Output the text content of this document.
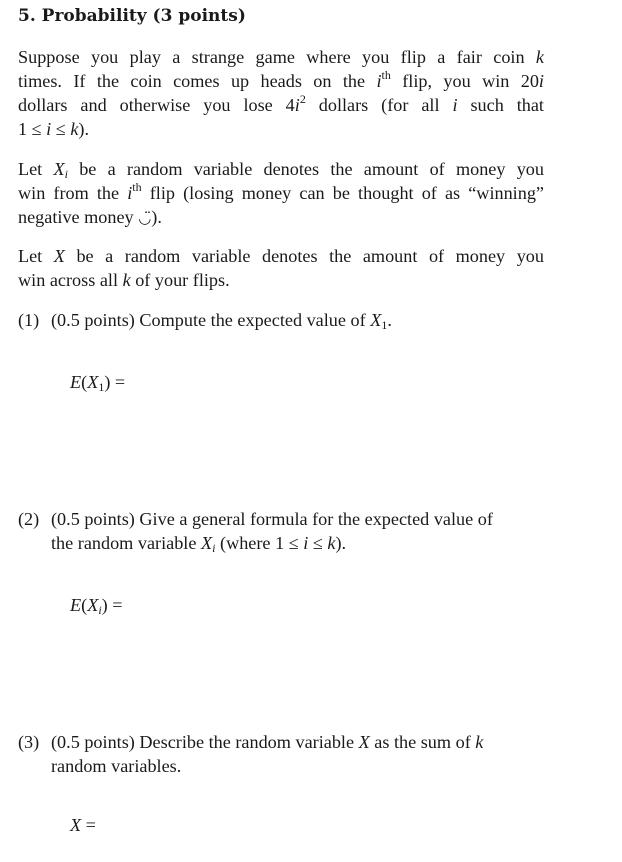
5. Probability (3 points)
Suppose you play a strange game where you flip a fair coin k
times. If the coin comes up heads on the $i^{th}$ flip, you win 20i
dollars and otherwise you lose $4i^2$ dollars (for all i such that
1 ≤ i ≤ k).
Let $X_i$ be a random variable denotes the amount of money you
win from the $i^{th}$ flip (losing money can be thought of as “winning”
negative money ◡̈).
Let X be a random variable denotes the amount of money you
win across all k of your flips.
(1) (0.5 points) Compute the expected value of $X_1$.
$E(X_1)$ =
(2) (0.5 points) Give a general formula for the expected value of
the random variable $X_i$ (where 1 ≤ i ≤ k).
$E(X_i)$ =
(3) (0.5 points) Describe the random variable X as the sum of k
random variables.
X =
